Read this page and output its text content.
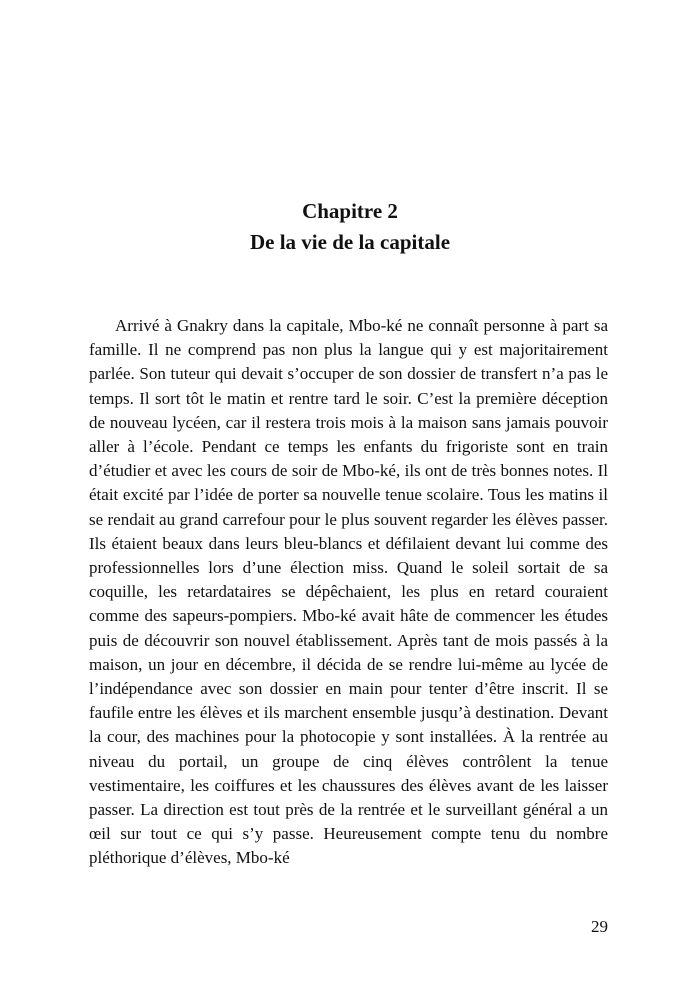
Chapitre 2
De la vie de la capitale

Arrivé à Gnakry dans la capitale, Mbo-ké ne connaît personne à part sa famille. Il ne comprend pas non plus la langue qui y est majoritairement parlée. Son tuteur qui devait s’occuper de son dossier de transfert n’a pas le temps. Il sort tôt le matin et rentre tard le soir. C’est la première déception de nouveau lycéen, car il restera trois mois à la maison sans jamais pouvoir aller à l’école. Pendant ce temps les enfants du frigoriste sont en train d’étudier et avec les cours de soir de Mbo-ké, ils ont de très bonnes notes. Il était excité par l’idée de porter sa nouvelle tenue scolaire. Tous les matins il se rendait au grand carrefour pour le plus souvent regarder les élèves passer. Ils étaient beaux dans leurs bleu-blancs et défilaient devant lui comme des professionnelles lors d’une élection miss. Quand le soleil sortait de sa coquille, les retardataires se dépêchaient, les plus en retard couraient comme des sapeurs-pompiers. Mbo-ké avait hâte de commencer les études puis de découvrir son nouvel établissement. Après tant de mois passés à la maison, un jour en décembre, il décida de se rendre lui-même au lycée de l’indépendance avec son dossier en main pour tenter d’être inscrit. Il se faufile entre les élèves et ils marchent ensemble jusqu’à destination. Devant la cour, des machines pour la photocopie y sont installées. À la rentrée au niveau du portail, un groupe de cinq élèves contrôlent la tenue vestimentaire, les coiffures et les chaussures des élèves avant de les laisser passer. La direction est tout près de la rentrée et le surveillant général a un œil sur tout ce qui s’y passe. Heureusement compte tenu du nombre pléthorique d’élèves, Mbo-ké

29
